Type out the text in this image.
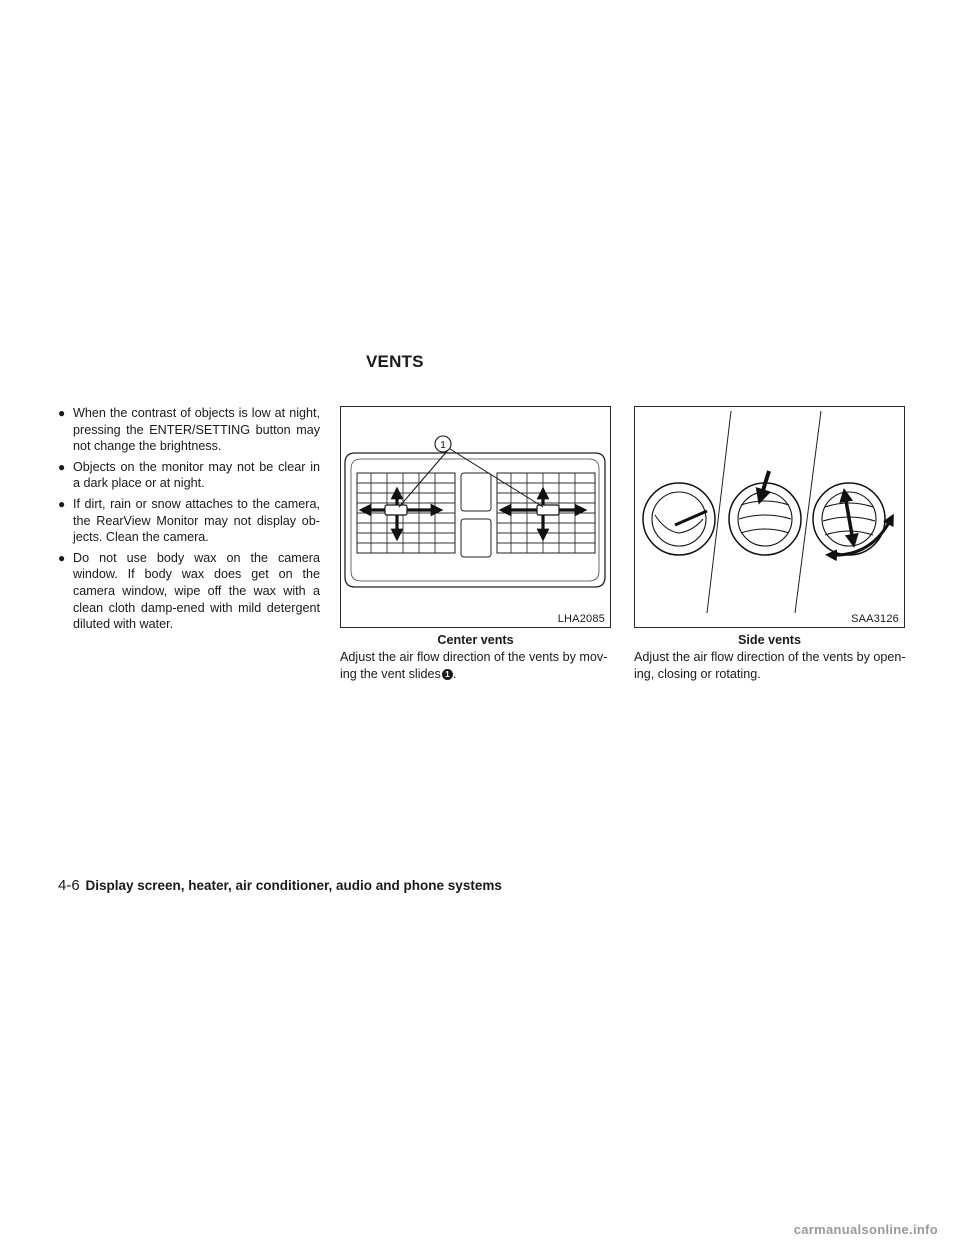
VENTS
● When the contrast of objects is low at night, pressing the ENTER/SETTING button may not change the brightness.
● Objects on the monitor may not be clear in a dark place or at night.
● If dirt, rain or snow attaches to the camera, the RearView Monitor may not display ob-jects. Clean the camera.
● Do not use body wax on the camera window. If body wax does get on the camera window, wipe off the wax with a clean cloth damp-ened with mild detergent diluted with water.
1
LHA2085
Center vents
Adjust the air flow direction of the vents by mov-ing the vent slides 1 .
SAA3126
Side vents
Adjust the air flow direction of the vents by open-ing, closing or rotating.
4-6 Display screen, heater, air conditioner, audio and phone systems
carmanualsonline.info
